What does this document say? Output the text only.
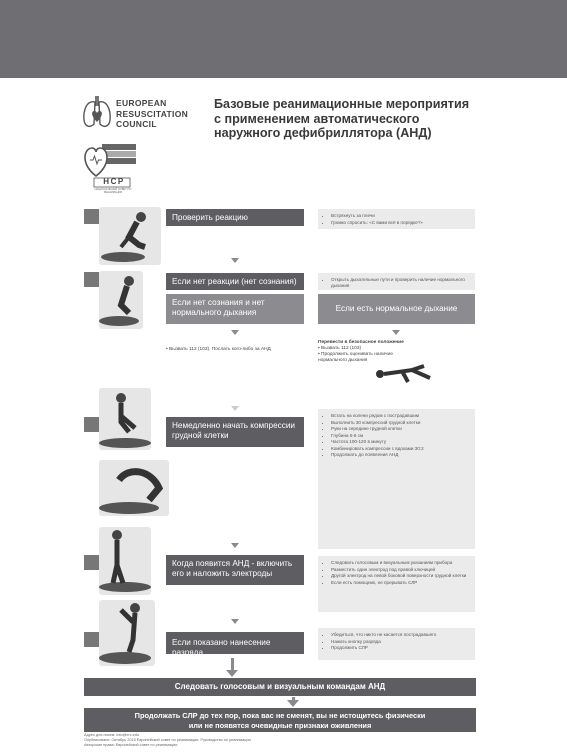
EUROPEAN
RESUSCITATION
COUNCIL
НСР
НАЦИОНАЛЬНЫЙ СОВЕТ ПО РЕАНИМАЦИИ
Базовые реанимационные мероприятия
с применением автоматического
наружного дефибриллятора (АНД)
Проверить реакцию
Если нет реакции (нет сознания)
Если нет сознания и нет нормального дыхания	Если есть нормальное дыхание
Немедленно начать компрессии грудной клетки
Когда появится АНД - включить его и наложить электроды
Если показано нанесение разряда
• Встряхнуть за плечи
• Громко спросить: «С вами всё в порядке?»
• Открыть дыхательные пути и проверить наличие нормального дыхания
▪ Вызвать 112 (103). Послать кого-либо за АНД
Перевести в безопасное положение
▪ Вызвать 112 (103)
▪ Продолжить оценивать наличие нормального дыхания
• Встать на колени рядом с пострадавшим
• Выполнить 30 компрессий грудной клетки
• Руки на середине грудной клетки
• Глубина 5-6 см
• Частота 100-120 в минуту
• Комбинировать компрессии с вдохами 30:2
• Продолжать до появления АНД
• Следовать голосовым и визуальным указаниям прибора
• Разместить один электрод под правой ключицей
• Другой электрод на левой боковой поверхности грудной клетки
• Если есть помощник, не прерывать СЛР
• Убедиться, что никто не касается пострадавшего
• Нажать кнопку разряда
• Продолжить СЛР
Следовать голосовым и визуальным командам АНД
Продолжать СЛР до тех пор, пока вас не сменят, вы не истощитесь физически
или не появятся очевидные признаки оживления
Адрес для писем: info@erc.edu
Опубликовано: Октябрь 2015 Европейский совет по реанимации. Руководство по реанимации
Авторские права: Европейский совет по реанимации
